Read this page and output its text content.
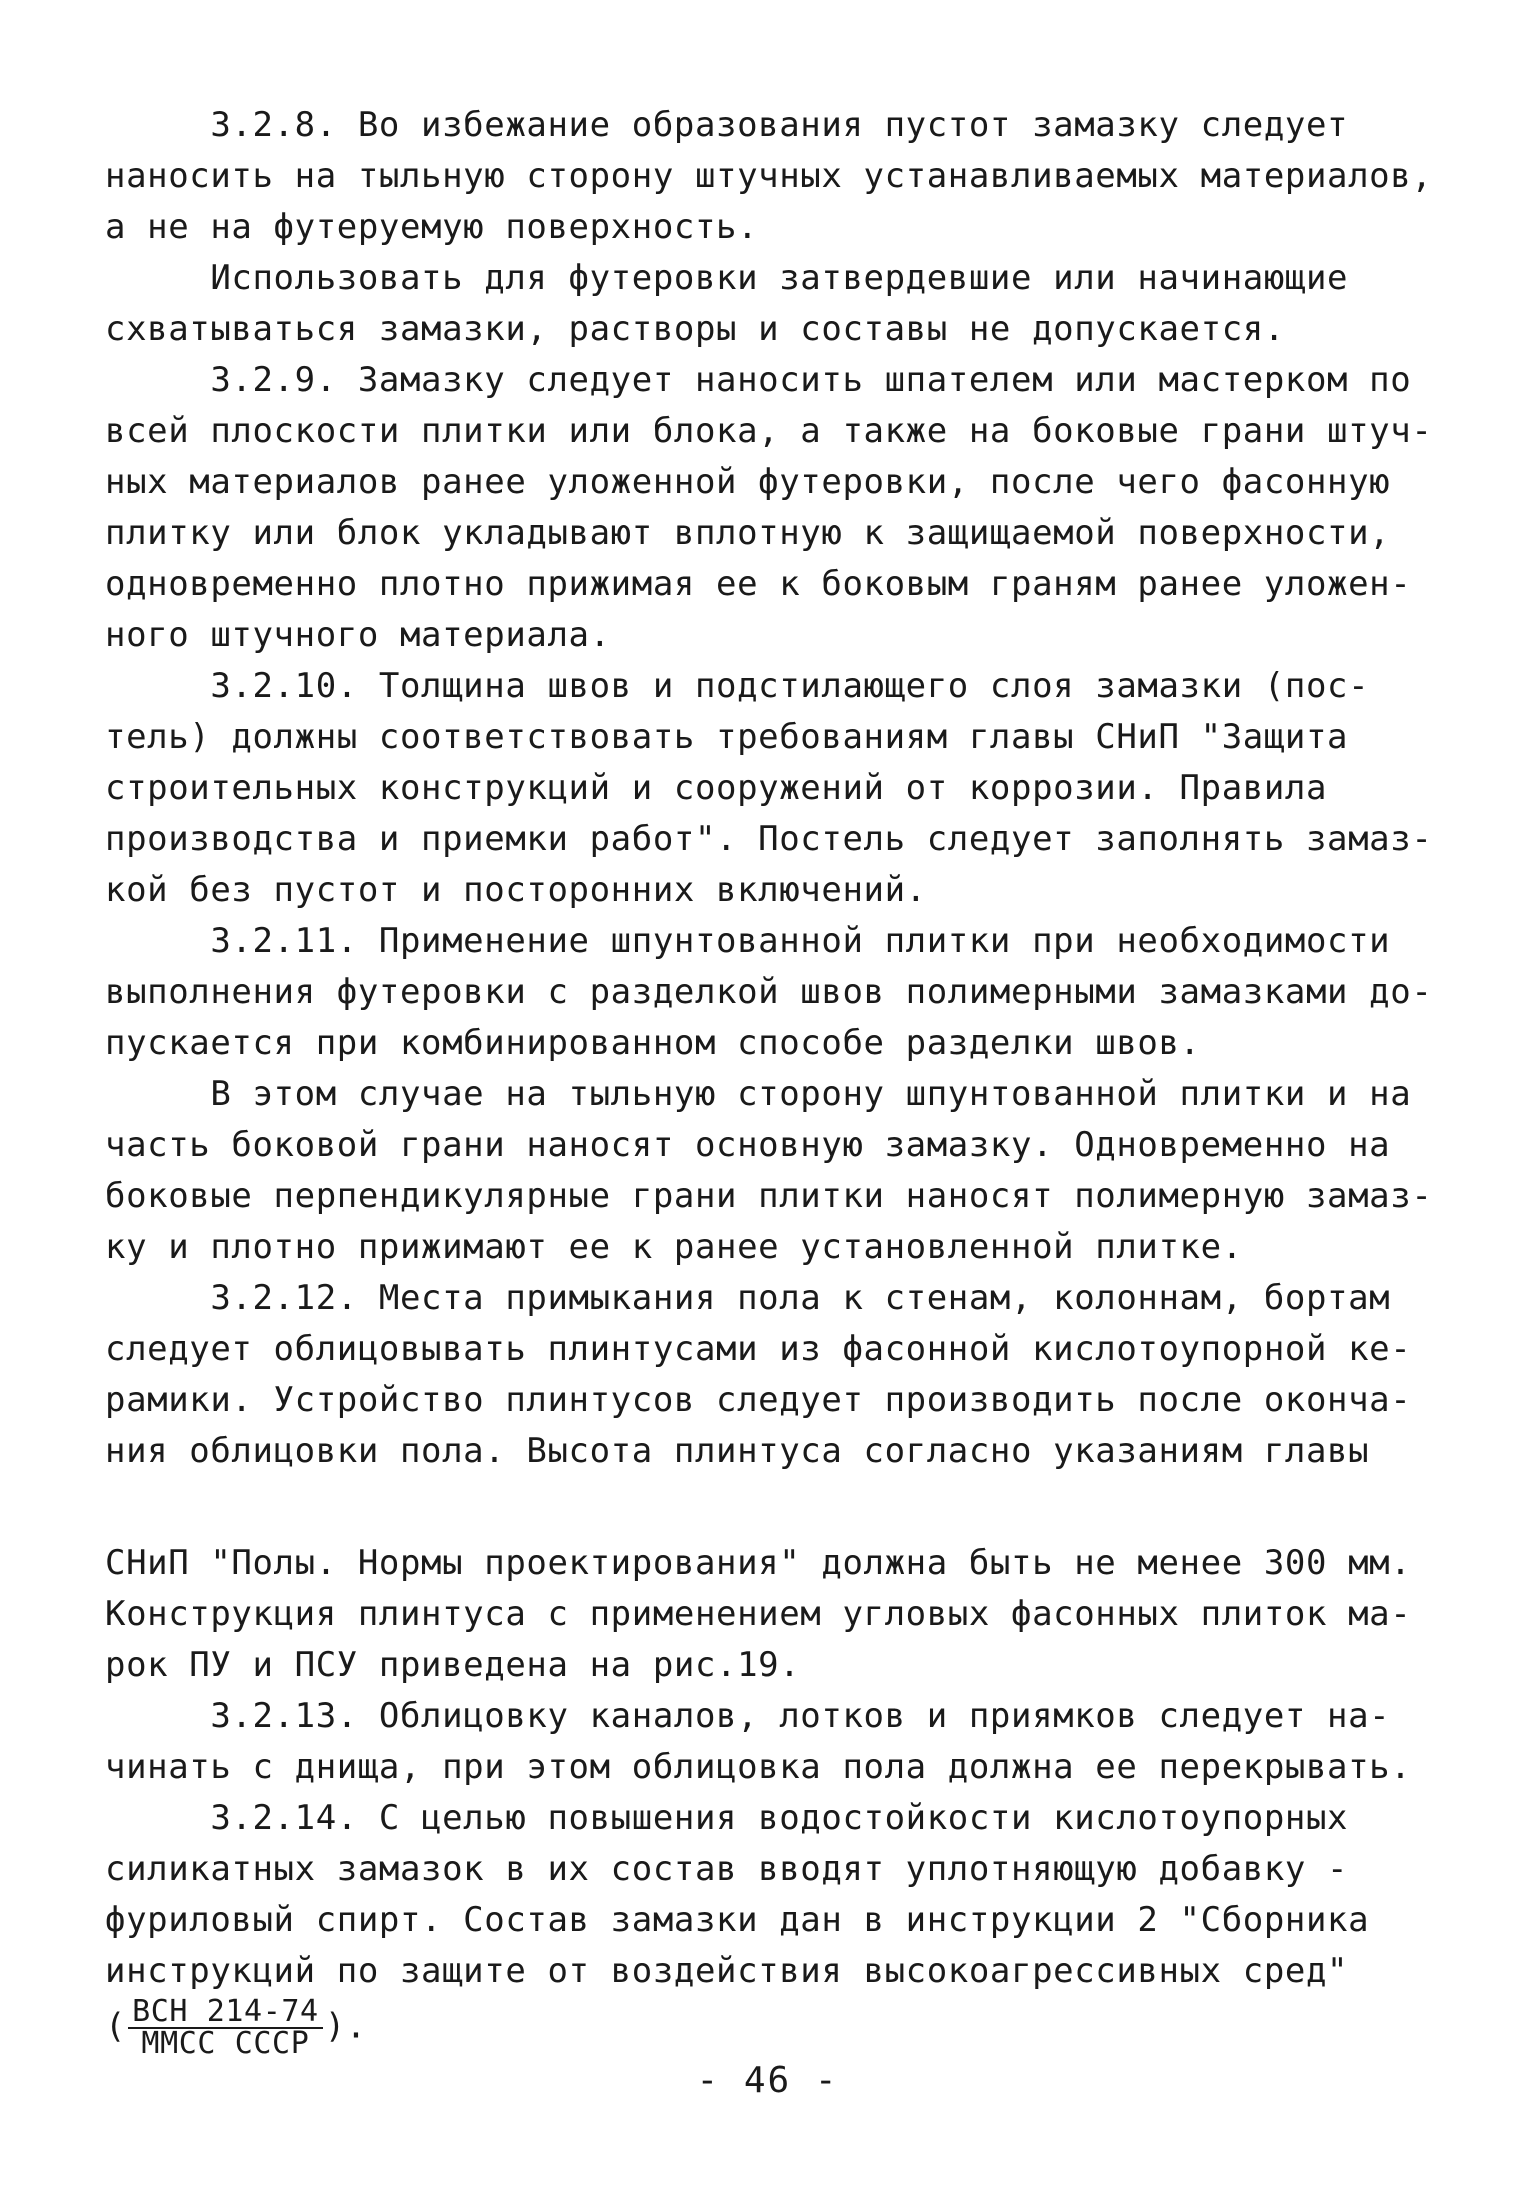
3.2.8. Во избежание образования пустот замазку следует
наносить на тыльную сторону штучных устанавливаемых материалов,
а не на футеруемую поверхность.
Использовать для футеровки затвердевшие или начинающие
схватываться замазки, растворы и составы не допускается.
3.2.9. Замазку следует наносить шпателем или мастерком по
всей плоскости плитки или блока, а также на боковые грани штуч-
ных материалов ранее уложенной футеровки, после чего фасонную
плитку или блок укладывают вплотную к защищаемой поверхности,
одновременно плотно прижимая ее к боковым граням ранее уложен-
ного штучного материала.
3.2.10. Толщина швов и подстилающего слоя замазки (пос-
тель) должны соответствовать требованиям главы СНиП "Защита
строительных конструкций и сооружений от коррозии. Правила
производства и приемки работ". Постель следует заполнять замаз-
кой без пустот и посторонних включений.
3.2.11. Применение шпунтованной плитки при необходимости
выполнения футеровки с разделкой швов полимерными замазками до-
пускается при комбинированном способе разделки швов.
В этом случае на тыльную сторону шпунтованной плитки и на
часть боковой грани наносят основную замазку. Одновременно на
боковые перпендикулярные грани плитки наносят полимерную замаз-
ку и плотно прижимают ее к ранее установленной плитке.
3.2.12. Места примыкания пола к стенам, колоннам, бортам
следует облицовывать плинтусами из фасонной кислотоупорной ке-
рамики. Устройство плинтусов следует производить после оконча-
ния облицовки пола. Высота плинтуса согласно указаниям главы
СНиП "Полы. Нормы проектирования" должна быть не менее 300 мм.
Конструкция плинтуса с применением угловых фасонных плиток ма-
рок ПУ и ПСУ приведена на рис.19.
3.2.13. Облицовку каналов, лотков и приямков следует на-
чинать с днища, при этом облицовка пола должна ее перекрывать.
3.2.14. С целью повышения водостойкости кислотоупорных
силикатных замазок в их состав вводят уплотняющую добавку -
фуриловый спирт. Состав замазки дан в инструкции 2 "Сборника
инструкций по защите от воздействия высокоагрессивных сред"
( $\frac{\text{ВСН 214-74}}{\text{ММСС СССР}}$ ).
- 46 -
